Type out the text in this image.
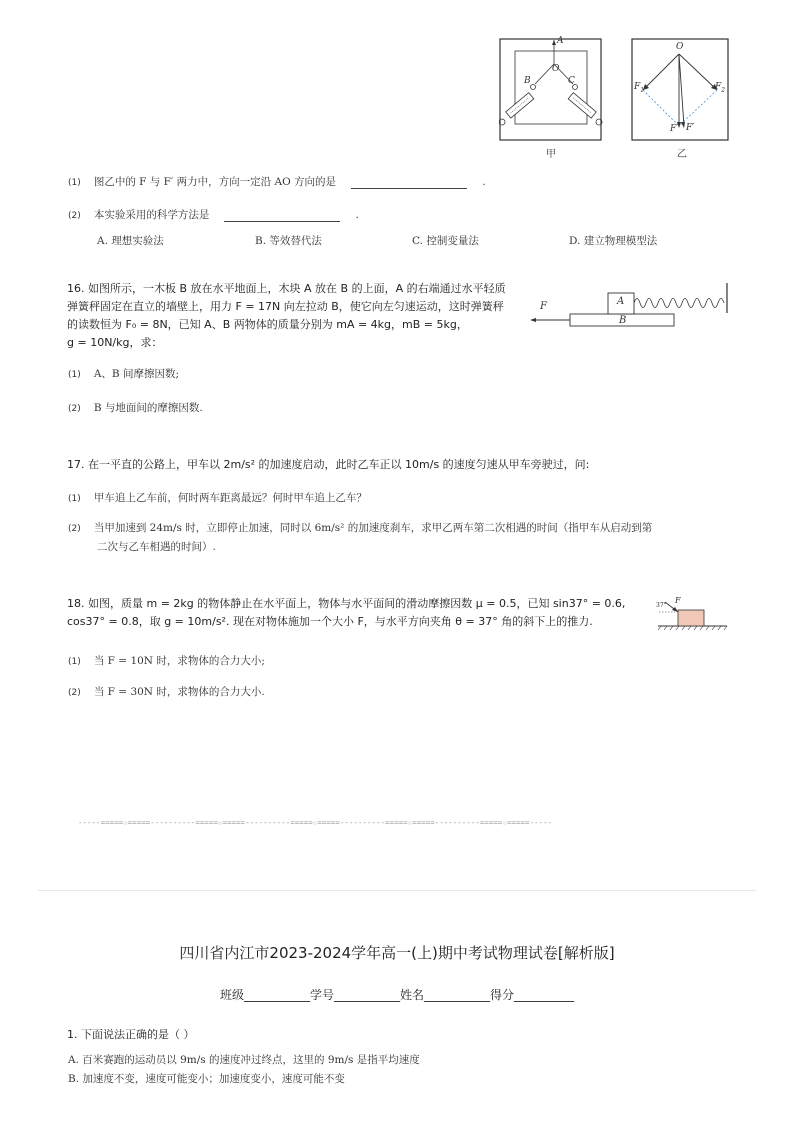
A
B	C
O
甲
O
$F_1$	$F_2$
F F′
乙
(1) 图乙中的 F 与 F′ 两力中，方向一定沿 AO 方向的是	.
(2) 本实验采用的科学方法是	.
A. 理想实验法	B. 等效替代法	C. 控制变量法	D. 建立物理模型法
16. 如图所示，一木板 B 放在水平地面上，木块 A 放在 B 的上面，A 的右端通过水平轻质
弹簧秤固定在直立的墙壁上，用力 F = 17N 向左拉动 B，使它向左匀速运动，这时弹簧秤
的读数恒为 F₀ = 8N，已知 A、B 两物体的质量分别为 mA = 4kg，mB = 5kg，
g = 10N/kg，求：
F	A
B
(1) A、B 间摩擦因数;
(2) B 与地面间的摩擦因数.
17. 在一平直的公路上，甲车以 2m/s² 的加速度启动，此时乙车正以 10m/s 的速度匀速从甲车旁驶过，问:
(1) 甲车追上乙车前，何时两车距离最远？何时甲车追上乙车？
(2) 当甲加速到 24m/s 时，立即停止加速，同时以 6m/s² 的加速度刹车，求甲乙两车第二次相遇的时间（指甲车从启动到第
二次与乙车相遇的时间）.
18. 如图，质量 m = 2kg 的物体静止在水平面上，物体与水平面间的滑动摩擦因数 μ = 0.5，已知 sin37° = 0.6,
cos37° = 0.8，取 g = 10m/s². 现在对物体施加一个大小 F，与水平方向夹角 θ = 37° 角的斜下上的推力.
F
37°
(1) 当 F = 10N 时，求物体的合力大小;
(2) 当 F = 30N 时，求物体的合力大小.
-----=====☆=====----------=====☆=====----------=====☆=====----------=====☆=====----------=====☆=====-----
四川省内江市2023-2024学年高一(上)期中考试物理试卷[解析版]
班级___________学号___________姓名___________得分__________
1. 下面说法正确的是（ ）
A. 百米赛跑的运动员以 9m/s 的速度冲过终点，这里的 9m/s 是指平均速度
B. 加速度不变，速度可能变小；加速度变小，速度可能不变
